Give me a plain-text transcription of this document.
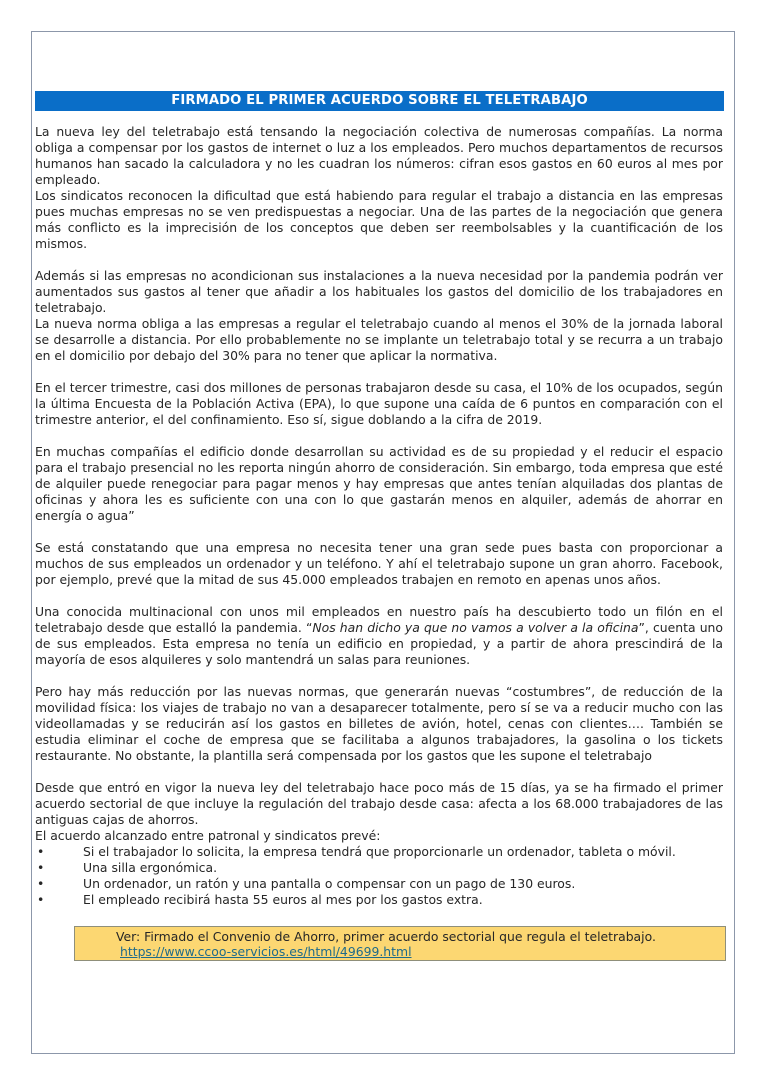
FIRMADO EL PRIMER ACUERDO SOBRE EL TELETRABAJO

La nueva ley del teletrabajo está tensando la negociación colectiva de numerosas compañías. La norma obliga a compensar por los gastos de internet o luz a los empleados. Pero muchos departamentos de recursos humanos han sacado la calculadora y no les cuadran los números: cifran esos gastos en 60 euros al mes por empleado.

Los sindicatos reconocen la dificultad que está habiendo para regular el trabajo a distancia en las empresas pues muchas empresas no se ven predispuestas a negociar. Una de las partes de la negociación que genera más conflicto es la imprecisión de los conceptos que deben ser reembolsables y la cuantificación de los mismos.

Además si las empresas no acondicionan sus instalaciones a la nueva necesidad por la pandemia podrán ver aumentados sus gastos al tener que añadir a los habituales los gastos del domicilio de los trabajadores en teletrabajo.

La nueva norma obliga a las empresas a regular el teletrabajo cuando al menos el 30% de la jornada laboral se desarrolle a distancia. Por ello probablemente no se implante un teletrabajo total y se recurra a un trabajo en el domicilio por debajo del 30% para no tener que aplicar la normativa.

En el tercer trimestre, casi dos millones de personas trabajaron desde su casa, el 10% de los ocupados, según la última Encuesta de la Población Activa (EPA), lo que supone una caída de 6 puntos en comparación con el trimestre anterior, el del confinamiento. Eso sí, sigue doblando a la cifra de 2019.

En muchas compañías el edificio donde desarrollan su actividad es de su propiedad y el reducir el espacio para el trabajo presencial no les reporta ningún ahorro de consideración. Sin embargo, toda empresa que esté de alquiler puede renegociar para pagar menos y hay empresas que antes tenían alquiladas dos plantas de oficinas y ahora les es suficiente con una con lo que gastarán menos en alquiler, además de ahorrar en energía o agua”

Se está constatando que una empresa no necesita tener una gran sede pues basta con proporcionar a muchos de sus empleados un ordenador y un teléfono. Y ahí el teletrabajo supone un gran ahorro. Facebook, por ejemplo, prevé que la mitad de sus 45.000 empleados trabajen en remoto en apenas unos años.

Una conocida multinacional con unos mil empleados en nuestro país ha descubierto todo un filón en el teletrabajo desde que estalló la pandemia. “Nos han dicho ya que no vamos a volver a la oficina”, cuenta uno de sus empleados. Esta empresa no tenía un edificio en propiedad, y a partir de ahora prescindirá de la mayoría de esos alquileres y solo mantendrá un salas para reuniones.

Pero hay más reducción por las nuevas normas, que generarán nuevas “costumbres”, de reducción de la movilidad física: los viajes de trabajo no van a desaparecer totalmente, pero sí se va a reducir mucho con las videollamadas y se reducirán así los gastos en billetes de avión, hotel, cenas con clientes…. También se estudia eliminar el coche de empresa que se facilitaba a algunos trabajadores, la gasolina o los tickets restaurante. No obstante, la plantilla será compensada por los gastos que les supone el teletrabajo

Desde que entró en vigor la nueva ley del teletrabajo hace poco más de 15 días, ya se ha firmado el primer acuerdo sectorial de que incluye la regulación del trabajo desde casa: afecta a los 68.000 trabajadores de las antiguas cajas de ahorros.

El acuerdo alcanzado entre patronal y sindicatos prevé:

•	Si el trabajador lo solicita, la empresa tendrá que proporcionarle un ordenador, tableta o móvil.
•	Una silla ergonómica.
•	Un ordenador, un ratón y una pantalla o compensar con un pago de 130 euros.
•	El empleado recibirá hasta 55 euros al mes por los gastos extra.
Ver: Firmado el Convenio de Ahorro, primer acuerdo sectorial que regula el teletrabajo.
https://www.ccoo-servicios.es/html/49699.html
